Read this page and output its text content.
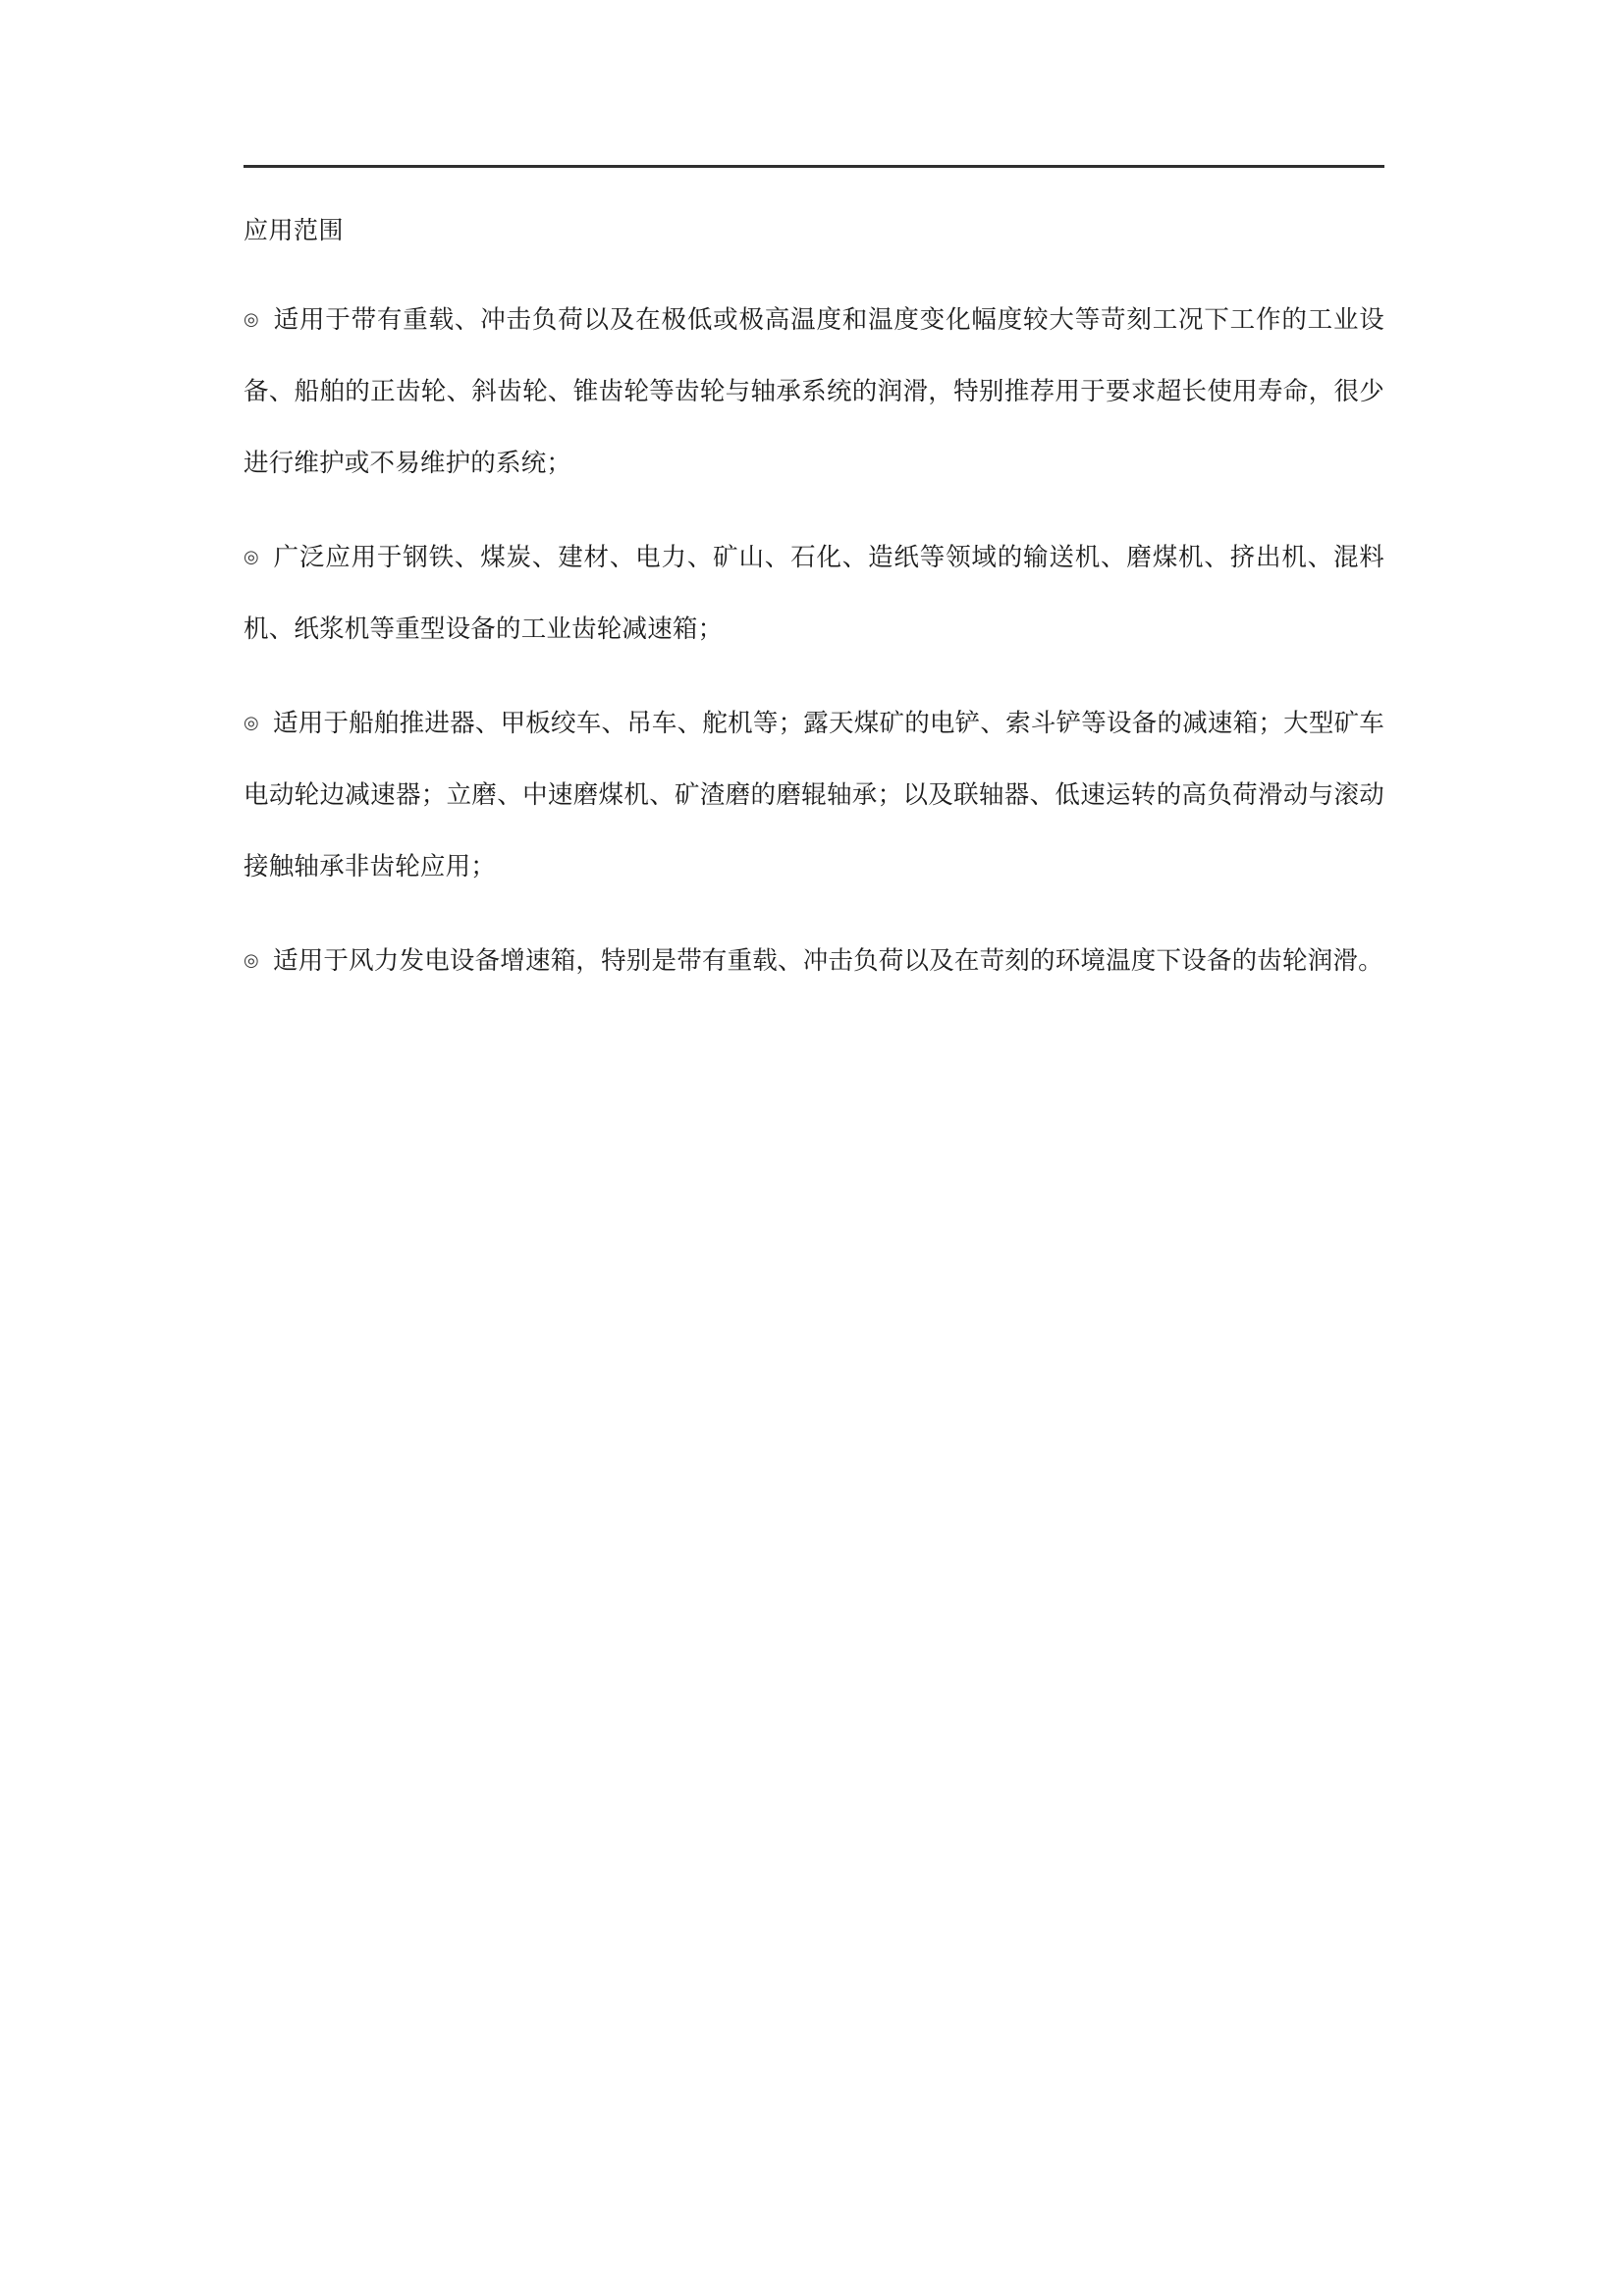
应用范围
◎ 适用于带有重载、冲击负荷以及在极低或极高温度和温度变化幅度较大等苛刻工况下工作的工业设备、船舶的正齿轮、斜齿轮、锥齿轮等齿轮与轴承系统的润滑，特别推荐用于要求超长使用寿命，很少进行维护或不易维护的系统；
◎ 广泛应用于钢铁、煤炭、建材、电力、矿山、石化、造纸等领域的输送机、磨煤机、挤出机、混料机、纸浆机等重型设备的工业齿轮减速箱；
◎ 适用于船舶推进器、甲板绞车、吊车、舵机等；露天煤矿的电铲、索斗铲等设备的减速箱；大型矿车电动轮边减速器；立磨、中速磨煤机、矿渣磨的磨辊轴承；以及联轴器、低速运转的高负荷滑动与滚动接触轴承非齿轮应用；
◎ 适用于风力发电设备增速箱，特别是带有重载、冲击负荷以及在苛刻的环境温度下设备的齿轮润滑。
